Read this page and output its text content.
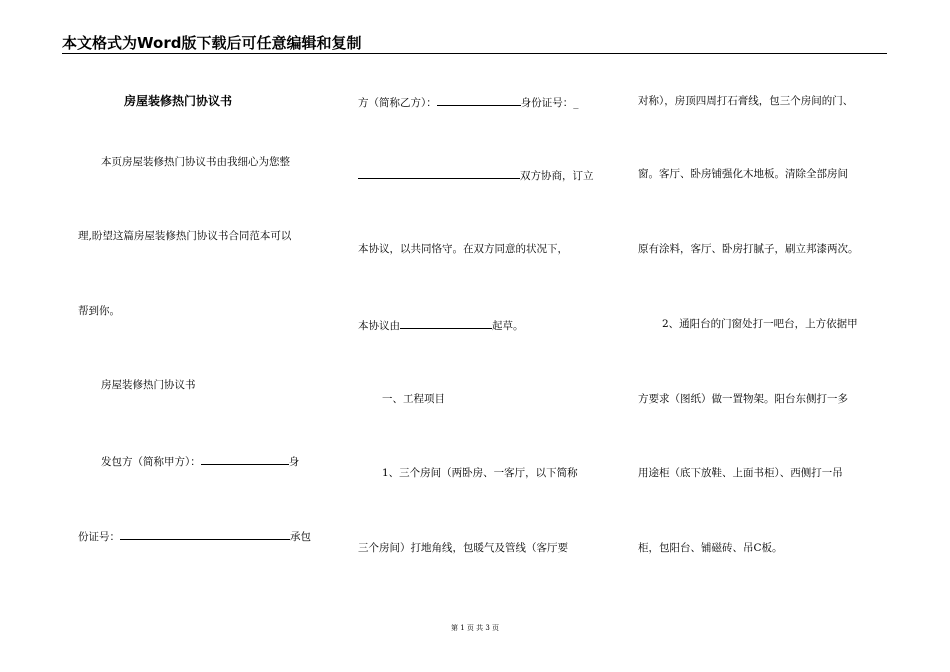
本文格式为Word版下载后可任意编辑和复制
房屋装修热门协议书
本页房屋装修热门协议书由我细心为您整
理,盼望这篇房屋装修热门协议书合同范本可以
帮到你。
房屋装修热门协议书
发包方（简称甲方）：	身
份证号：	承包
方（简称乙方）：	身份证号：_
双方协商，订立
本协议，以共同恪守。在双方同意的状况下，
本协议由	起草。
一、工程项目
1、三个房间（两卧房、一客厅，以下简称
三个房间）打地角线，包暖气及管线（客厅要
对称），房顶四周打石膏线，包三个房间的门、
窗。客厅、卧房铺强化木地板。清除全部房间
原有涂料，客厅、卧房打腻子，刷立邦漆两次。
2、通阳台的门窗处打一吧台，上方依据甲
方要求（图纸）做一置物架。阳台东侧打一多
用途柜（底下放鞋、上面书柜）、西侧打一吊
柜，包阳台、铺磁砖、吊C板。
第 1 页 共 3 页
